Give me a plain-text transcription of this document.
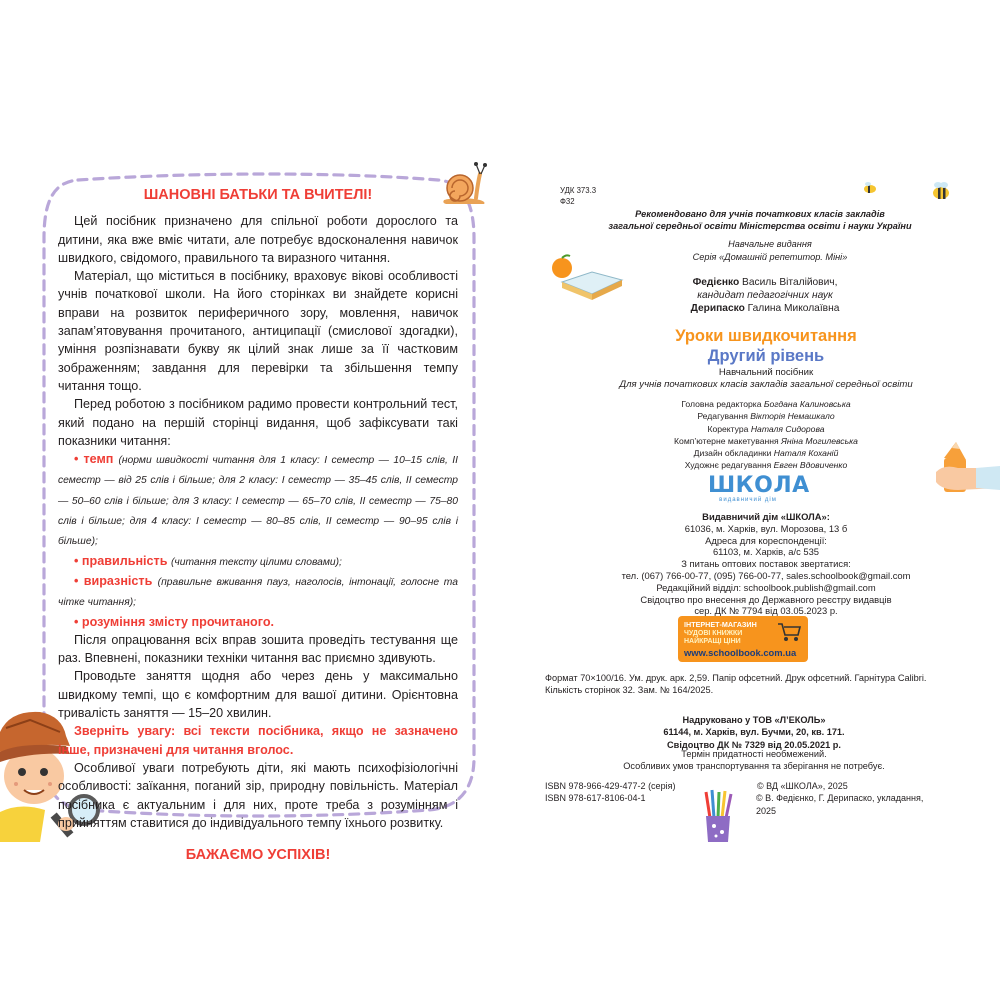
ШАНОВНІ БАТЬКИ ТА ВЧИТЕЛІ!

Цей посібник призначено для спільної роботи дорослого та дитини, яка вже вміє читати, але потребує вдосконалення навичок швидкого, свідомого, правильного та виразного читання.

Матеріал, що міститься в посібнику, враховує вікові особливості учнів початкової школи. На його сторінках ви знайдете корисні вправи на розвиток периферичного зору, мовлення, навичок запам’ятовування прочитаного, антиципації (смислової здогадки), уміння розпізнавати букву як цілий знак лише за її частковим зображенням; завдання для перевірки та збільшення темпу читання тощо.

Перед роботою з посібником радимо провести контрольний тест, який подано на першій сторінці видання, щоб зафіксувати такі показники читання:

• темп (норми швидкості читання для 1 класу: I семестр — 10–15 слів, II семестр — від 25 слів і більше; для 2 класу: I семестр — 35–45 слів, II семестр — 50–60 слів і більше; для 3 класу: I семестр — 65–70 слів, II семестр — 75–80 слів і більше; для 4 класу: I семестр — 80–85 слів, II семестр — 90–95 слів і більше);
• правильність (читання тексту цілими словами);
• виразність (правильне вживання пауз, наголосів, інтонації, голосне та чітке читання);
• розуміння змісту прочитаного.

Після опрацювання всіх вправ зошита проведіть тестування ще раз. Впевнені, показники техніки читання вас приємно здивують.

Проводьте заняття щодня або через день у максимально швидкому темпі, що є комфортним для вашої дитини. Орієнтовна тривалість заняття — 15–20 хвилин.

Зверніть увагу: всі тексти посібника, якщо не зазначено інше, призначені для читання вголос.

Особливої уваги потребують діти, які мають психофізіологічні особливості: заїкання, поганий зір, природну повільність. Матеріал посібника є актуальним і для них, проте треба з розумінням і прийняттям ставитися до індивідуального темпу їхнього розвитку.

БАЖАЄМО УСПІХІВ!
УДК 373.3
Ф32
Рекомендовано для учнів початкових класів закладів
загальної середньої освіти Міністерства освіти і науки України
Навчальне видання
Серія «Домашній репетитор. Міні»
Федієнко Василь Віталійович,
кандидат педагогічних наук
Дерипаско Галина Миколаївна
Уроки швидкочитання
Другий рівень
Навчальний посібник
Для учнів початкових класів закладів загальної середньої освіти
Головна редакторка Богдана Калиновська
Редагування Вікторія Немашкало
Коректура Наталя Сидорова
Комп’ютерне макетування Яніна Могилевська
Дизайн обкладинки Наталя Коханій
Художнє редагування Евген Вдовиченко
ШКОЛА
видавничий дім
Видавничий дім «ШКОЛА»:
61036, м. Харків, вул. Морозова, 13 б
Адреса для кореспонденції:
61103, м. Харків, а/с 535
З питань оптових поставок звертатися:
тел. (067) 766-00-77, (095) 766-00-77, sales.schoolbook@gmail.com
Редакційний відділ: schoolbook.publish@gmail.com
Свідоцтво про внесення до Державного реєстру видавців
сер. ДК № 7794 від 03.05.2023 р.
ІНТЕРНЕТ-МАГАЗИН
ЧУДОВІ КНИЖКИ
НАЙКРАЩІ ЦІНИ
www.schoolbook.com.ua
Формат 70×100/16. Ум. друк. арк. 2,59. Папір офсетний. Друк офсетний. Гарнітура Calibri.
Кількість сторінок 32. Зам. № 164/2025.
Надруковано у ТОВ «Л’ЕКОЛЬ»
61144, м. Харків, вул. Бучми, 20, кв. 171.
Свідоцтво ДК № 7329 від 20.05.2021 р.
Термін придатності необмежений.
Особливих умов транспортування та зберігання не потребує.
ISBN 978-966-429-477-2 (серія)	© ВД «ШКОЛА», 2025
ISBN 978-617-8106-04-1	© В. Федієнко, Г. Дерипаско, укладання, 2025
